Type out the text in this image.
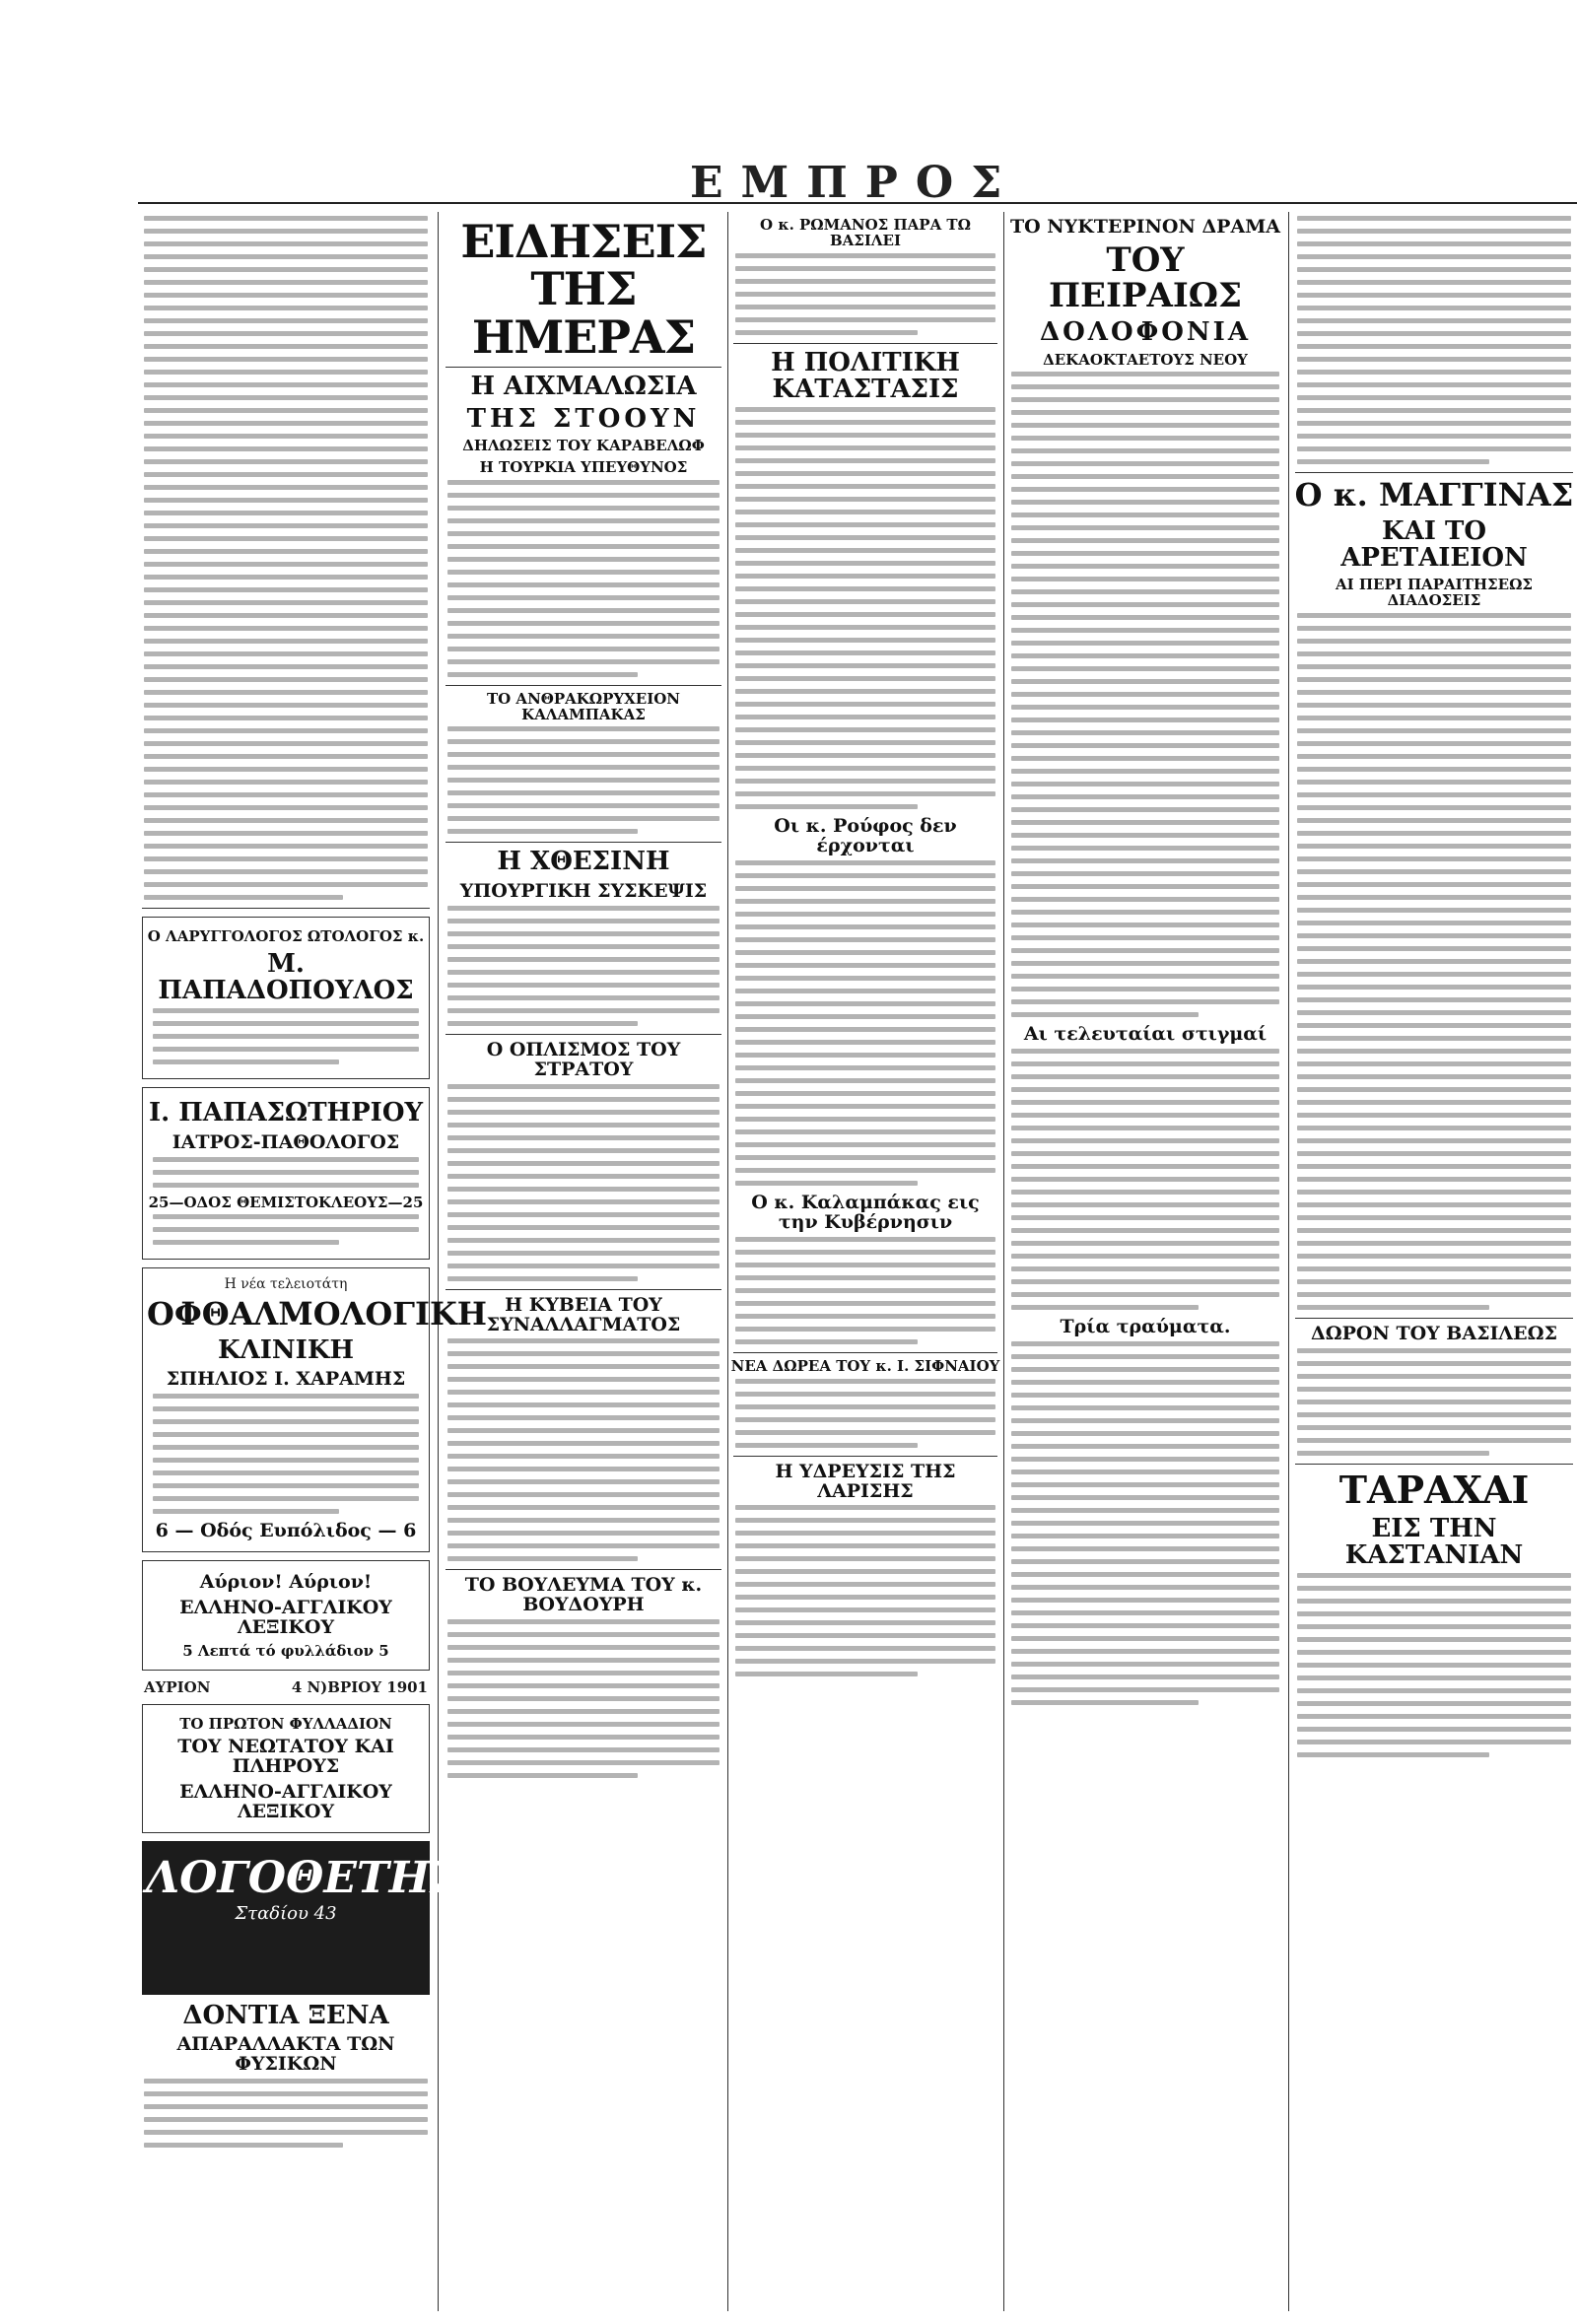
ΕΜΠΡΟΣ
Ο ΛΑΡΥΓΓΟΛΟΓΟΣ ΩΤΟΛΟΓΟΣ κ.
Μ. ΠΑΠΑΔΟΠΟΥΛΟΣ
Ι. ΠΑΠΑΣΩΤΗΡΙΟΥ
ΙΑΤΡΟΣ-ΠΑΘΟΛΟΓΟΣ
25—ΟΔΟΣ ΘΕΜΙΣΤΟΚΛΕΟΥΣ—25
Η νέα τελειοτάτη
ΟΦΘΑΛΜΟΛΟΓΙΚΗ
ΚΛΙΝΙΚΗ
ΣΠΗΛΙΟΣ Ι. ΧΑΡΑΜΗΣ
6 — Οδός Ευπόλιδος — 6
Αύριον! Αύριον!
ΕΛΛΗΝΟ-ΑΓΓΛΙΚΟΥ ΛΕΞΙΚΟΥ
5 Λεπτά τό φυλλάδιον 5
ΑΥΡΙΟΝ	4 Ν)ΒΡΙΟΥ 1901
ΤΟ ΠΡΩΤΟΝ ΦΥΛΛΑΔΙΟΝ
ΤΟΥ ΝΕΩΤΑΤΟΥ ΚΑΙ ΠΛΗΡΟΥΣ
ΕΛΛΗΝΟ-ΑΓΓΛΙΚΟΥ ΛΕΞΙΚΟΥ
ΛΟΓΟΘΕΤΗΣ
Σταδίου 43
ΔΟΝΤΙΑ ΞΕΝΑ
ΑΠΑΡΑΛΛΑΚΤΑ ΤΩΝ ΦΥΣΙΚΩΝ
ΕΙΔΗΣΕΙΣ ΤΗΣ ΗΜΕΡΑΣ
Η ΑΙΧΜΑΛΩΣΙΑ
ΤΗΣ ΣΤΟΟΥΝ
ΔΗΛΩΣΕΙΣ ΤΟΥ ΚΑΡΑΒΕΛΩΦ
Η ΤΟΥΡΚΙΑ ΥΠΕΥΘΥΝΟΣ
ΤΟ ΑΝΘΡΑΚΩΡΥΧΕΙΟΝ ΚΑΛΑΜΠΑΚΑΣ
Η ΧΘΕΣΙΝΗ
ΥΠΟΥΡΓΙΚΗ ΣΥΣΚΕΨΙΣ
Ο ΟΠΛΙΣΜΟΣ ΤΟΥ ΣΤΡΑΤΟΥ
Η ΚΥΒΕΙΑ ΤΟΥ ΣΥΝΑΛΛΑΓΜΑΤΟΣ
ΤΟ ΒΟΥΛΕΥΜΑ ΤΟΥ κ. ΒΟΥΔΟΥΡΗ
Ο κ. ΡΩΜΑΝΟΣ ΠΑΡΑ ΤΩ ΒΑΣΙΛΕΙ
Η ΠΟΛΙΤΙΚΗ ΚΑΤΑΣΤΑΣΙΣ
Οι κ. Ρούφος δεν έρχονται
Ο κ. Καλαμπάκας εις την Κυβέρνησιν
ΝΕΑ ΔΩΡΕΑ ΤΟΥ κ. Ι. ΣΙΦΝΑΙΟΥ
Η ΥΔΡΕΥΣΙΣ ΤΗΣ ΛΑΡΙΣΗΣ
ΤΟ ΝΥΚΤΕΡΙΝΟΝ ΔΡΑΜΑ
ΤΟΥ ΠΕΙΡΑΙΩΣ
ΔΟΛΟΦΟΝΙΑ
ΔΕΚΑΟΚΤΑΕΤΟΥΣ ΝΕΟΥ
Αι τελευταίαι στιγμαί
Τρία τραύματα.
Ο κ. ΜΑΓΓΙΝΑΣ
ΚΑΙ ΤΟ ΑΡΕΤΑΙΕΙΟΝ
ΑΙ ΠΕΡΙ ΠΑΡΑΙΤΗΣΕΩΣ ΔΙΑΔΟΣΕΙΣ
ΔΩΡΟΝ ΤΟΥ ΒΑΣΙΛΕΩΣ
ΤΑΡΑΧΑΙ
ΕΙΣ ΤΗΝ ΚΑΣΤΑΝΙΑΝ
